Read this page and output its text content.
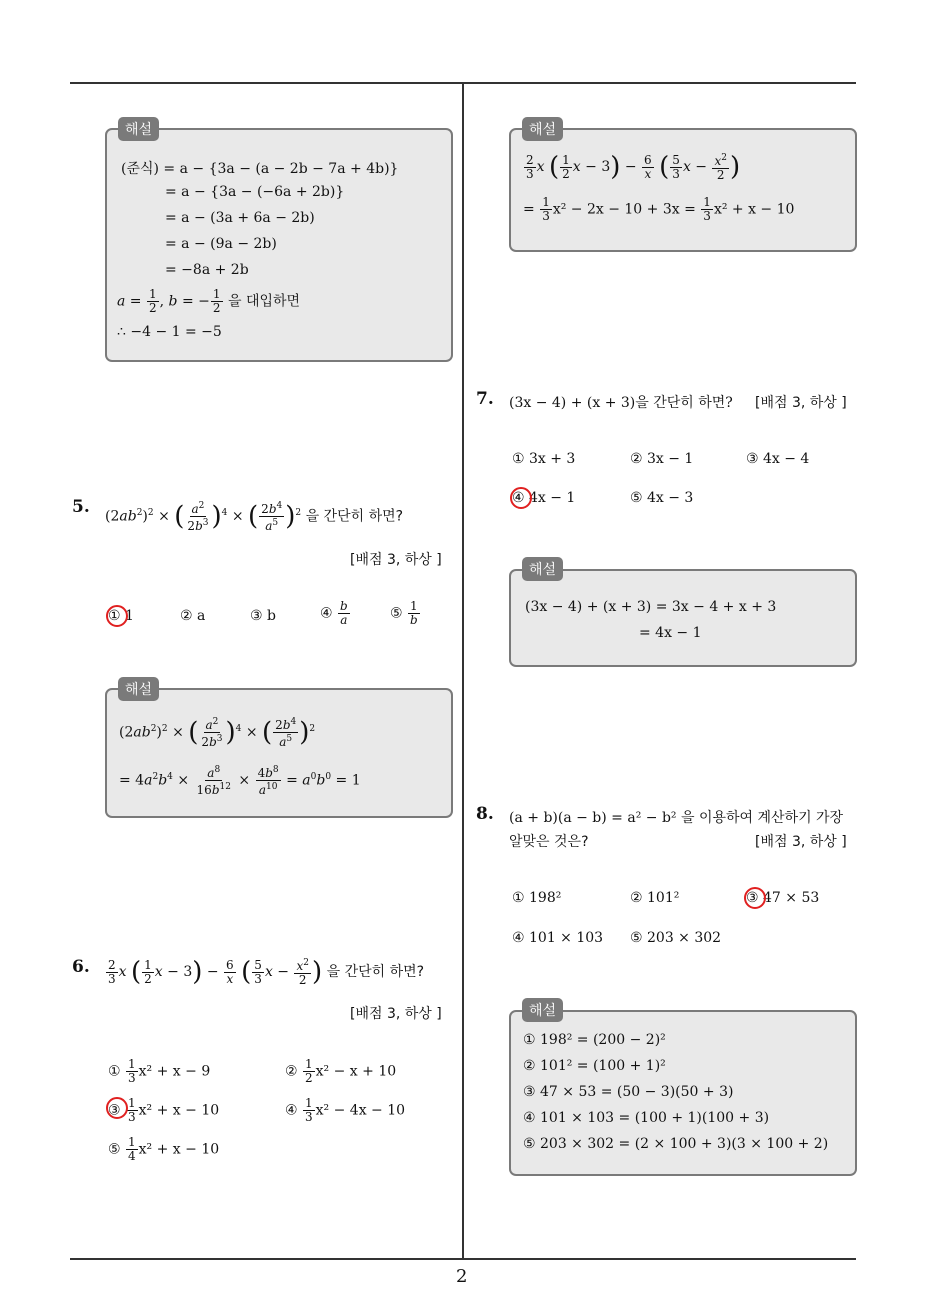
2
(준식) = a − {3a − (a − 2b − 7a + 4b)}
= a − {3a − (−6a + 2b)}
= a − (3a + 6a − 2b)
= a − (9a − 2b)
= −8a + 2b
$a = \frac{1}{2}$ , b = − $\frac{1}{2}$ 을 대입하면
∴ −4 − 1 = −5
해설
5. $(2ab^2)^2$ × ( $\frac{a^2}{2b^3} )^4$ × ( $\frac{2b^4}{a^5} )^2$ 을 간단히 하면?
[배점 3, 하상 ]
① 1	② a	③ b	④ $\frac{b}{a}$	⑤ $\frac{1}{b}$
$(2ab^2)^2$ × ( $\frac{a^2}{2b^3} )^4$ × ( $\frac{2b^4}{a^5} )^2$
= $4a^2b^4 \times \frac{a^8}{16b^{12}} \times \frac{4b^8}{a^{10}} = a^0b^0 = 1$
해설
6. $\frac{2}{3}$ x ( $\frac{1}{2}$ $x - 3) - \frac{6}{x}$ ( $\frac{5}{3}$ $x - \frac{x^2}{2}$ ) 을 간단히 하면?
[배점 3, 하상 ]
① $\frac{1}{3} x^2 + x - 9$	② $\frac{1}{2} x^2 - x + 10$
③ $\frac{1}{3} x^2 + x - 10$	④ $\frac{1}{3} x^2 - 4x - 10$
⑤ $\frac{1}{4} x^2 + x - 10$
$\frac{2}{3}$ x ( $\frac{1}{2}$ $x - 3) - \frac{6}{x}$ ( $\frac{5}{3}$ $x - \frac{x^2}{2}$ )
= $\frac{1}{3} x^2 - 2x - 10 + 3x = \frac{1}{3} x^2 + x - 10$
해설
7. (3x − 4) + (x + 3)을 간단히 하면? [배점 3, 하상 ]
① 3x + 3	② 3x − 1	③ 4x − 4
④ 4x − 1	⑤ 4x − 3
(3x − 4) + (x + 3) = 3x − 4 + x + 3
= 4x − 1
해설
8. (a + b)(a − b) = a² − b² 을 이용하여 계산하기 가장
알맞은 것은?	[배점 3, 하상 ]
① 198²	② 101²	③ 47 × 53
④ 101 × 103 ⑤ 203 × 302
① 198² = (200 − 2)²
② 101² = (100 + 1)²
③ 47 × 53 = (50 − 3)(50 + 3)
④ 101 × 103 = (100 + 1)(100 + 3)
⑤ 203 × 302 = (2 × 100 + 3)(3 × 100 + 2)
해설
